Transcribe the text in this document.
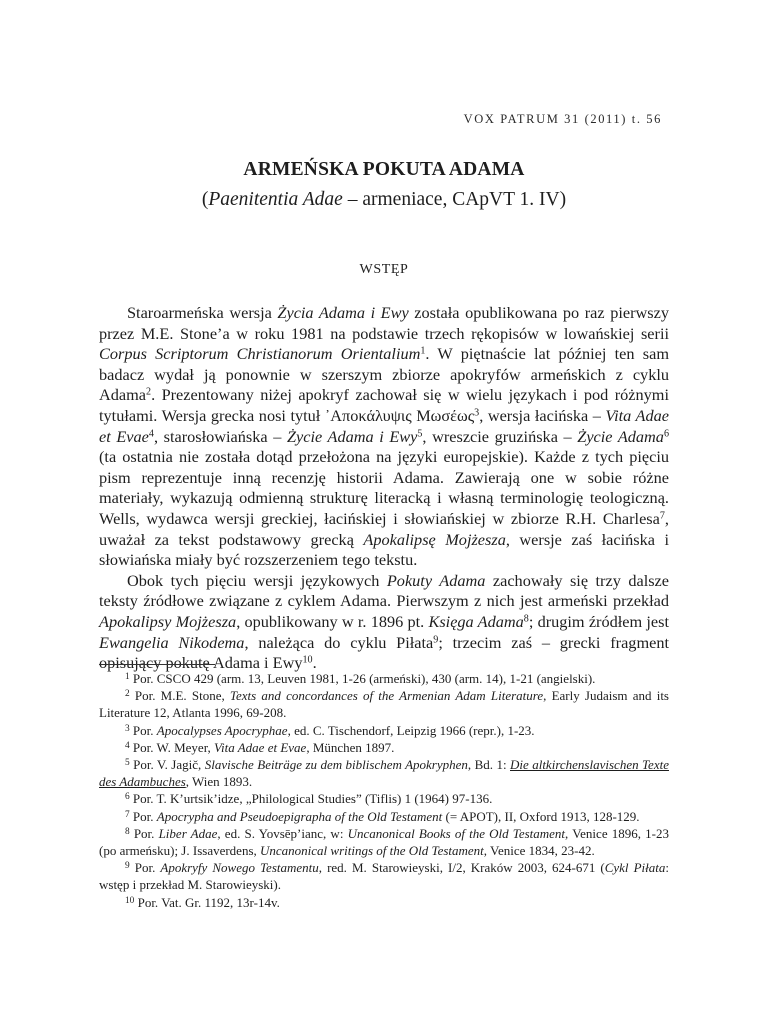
VOX PATRUM 31 (2011) t. 56
ARMEŃSKA POKUTA ADAMA
(Paenitentia Adae – armeniace, CApVT 1. IV)
WSTĘP

Staroarmeńska wersja Życia Adama i Ewy została opublikowana po raz pierwszy przez M.E. Stone’a w roku 1981 na podstawie trzech rękopisów w lowańskiej serii Corpus Scriptorum Christianorum Orientalium$^1$. W piętnaście lat później ten sam badacz wydał ją ponownie w szerszym zbiorze apokryfów armeńskich z cyklu Adama$^2$. Prezentowany niżej apokryf zachował się w wielu językach i pod różnymi tytułami. Wersja grecka nosi tytuł ᾿Αποκάλυψις Μωσέως$^3$, wersja łacińska – Vita Adae et Evae$^4$, starosłowiańska – Życie Adama i Ewy$^5$, wreszcie gruzińska – Życie Adama$^6$ (ta ostatnia nie została dotąd przełożona na języki europejskie). Każde z tych pięciu pism reprezentuje inną recenzję historii Adama. Zawierają one w sobie różne materiały, wykazują odmienną strukturę literacką i własną terminologię teologiczną. Wells, wydawca wersji greckiej, łacińskiej i słowiańskiej w zbiorze R.H. Charlesa$^7$, uważał za tekst podstawowy grecką Apokalipsę Mojżesza, wersje zaś łacińska i słowiańska miały być rozszerzeniem tego tekstu.

Obok tych pięciu wersji językowych Pokuty Adama zachowały się trzy dalsze teksty źródłowe związane z cyklem Adama. Pierwszym z nich jest armeński przekład Apokalipsy Mojżesza, opublikowany w r. 1896 pt. Księga Adama$^8$; drugim źródłem jest Ewangelia Nikodema, należąca do cyklu Piłata$^9$; trzecim zaś – grecki fragment opisujący pokutę Adama i Ewy$^{10}$.

$^1$ Por. CSCO 429 (arm. 13, Leuven 1981, 1-26 (armeński), 430 (arm. 14), 1-21 (angielski).

$^2$ Por. M.E. Stone, Texts and concordances of the Armenian Adam Literature, Early Judaism and its Literature 12, Atlanta 1996, 69-208.

$^3$ Por. Apocalypses Apocryphae, ed. C. Tischendorf, Leipzig 1966 (repr.), 1-23.

$^4$ Por. W. Meyer, Vita Adae et Evae, München 1897.

$^5$ Por. V. Jagič, Slavische Beiträge zu dem biblischem Apokryphen, Bd. 1: Die altkirchenslavischen Texte des Adambuches, Wien 1893.

$^6$ Por. T. K’urtsik’idze, „Philological Studies” (Tiflis) 1 (1964) 97-136.

$^7$ Por. Apocrypha and Pseudoepigrapha of the Old Testament (= APOT), II, Oxford 1913, 128-129.

$^8$ Por. Liber Adae, ed. S. Yovsēp’ianc, w: Uncanonical Books of the Old Testament, Venice 1896, 1-23 (po armeńsku); J. Issaverdens, Uncanonical writings of the Old Testament, Venice 1834, 23-42.

$^9$ Por. Apokryfy Nowego Testamentu, red. M. Starowieyski, I/2, Kraków 2003, 624-671 (Cykl Piłata: wstęp i przekład M. Starowieyski).

$^{10}$ Por. Vat. Gr. 1192, 13r-14v.
